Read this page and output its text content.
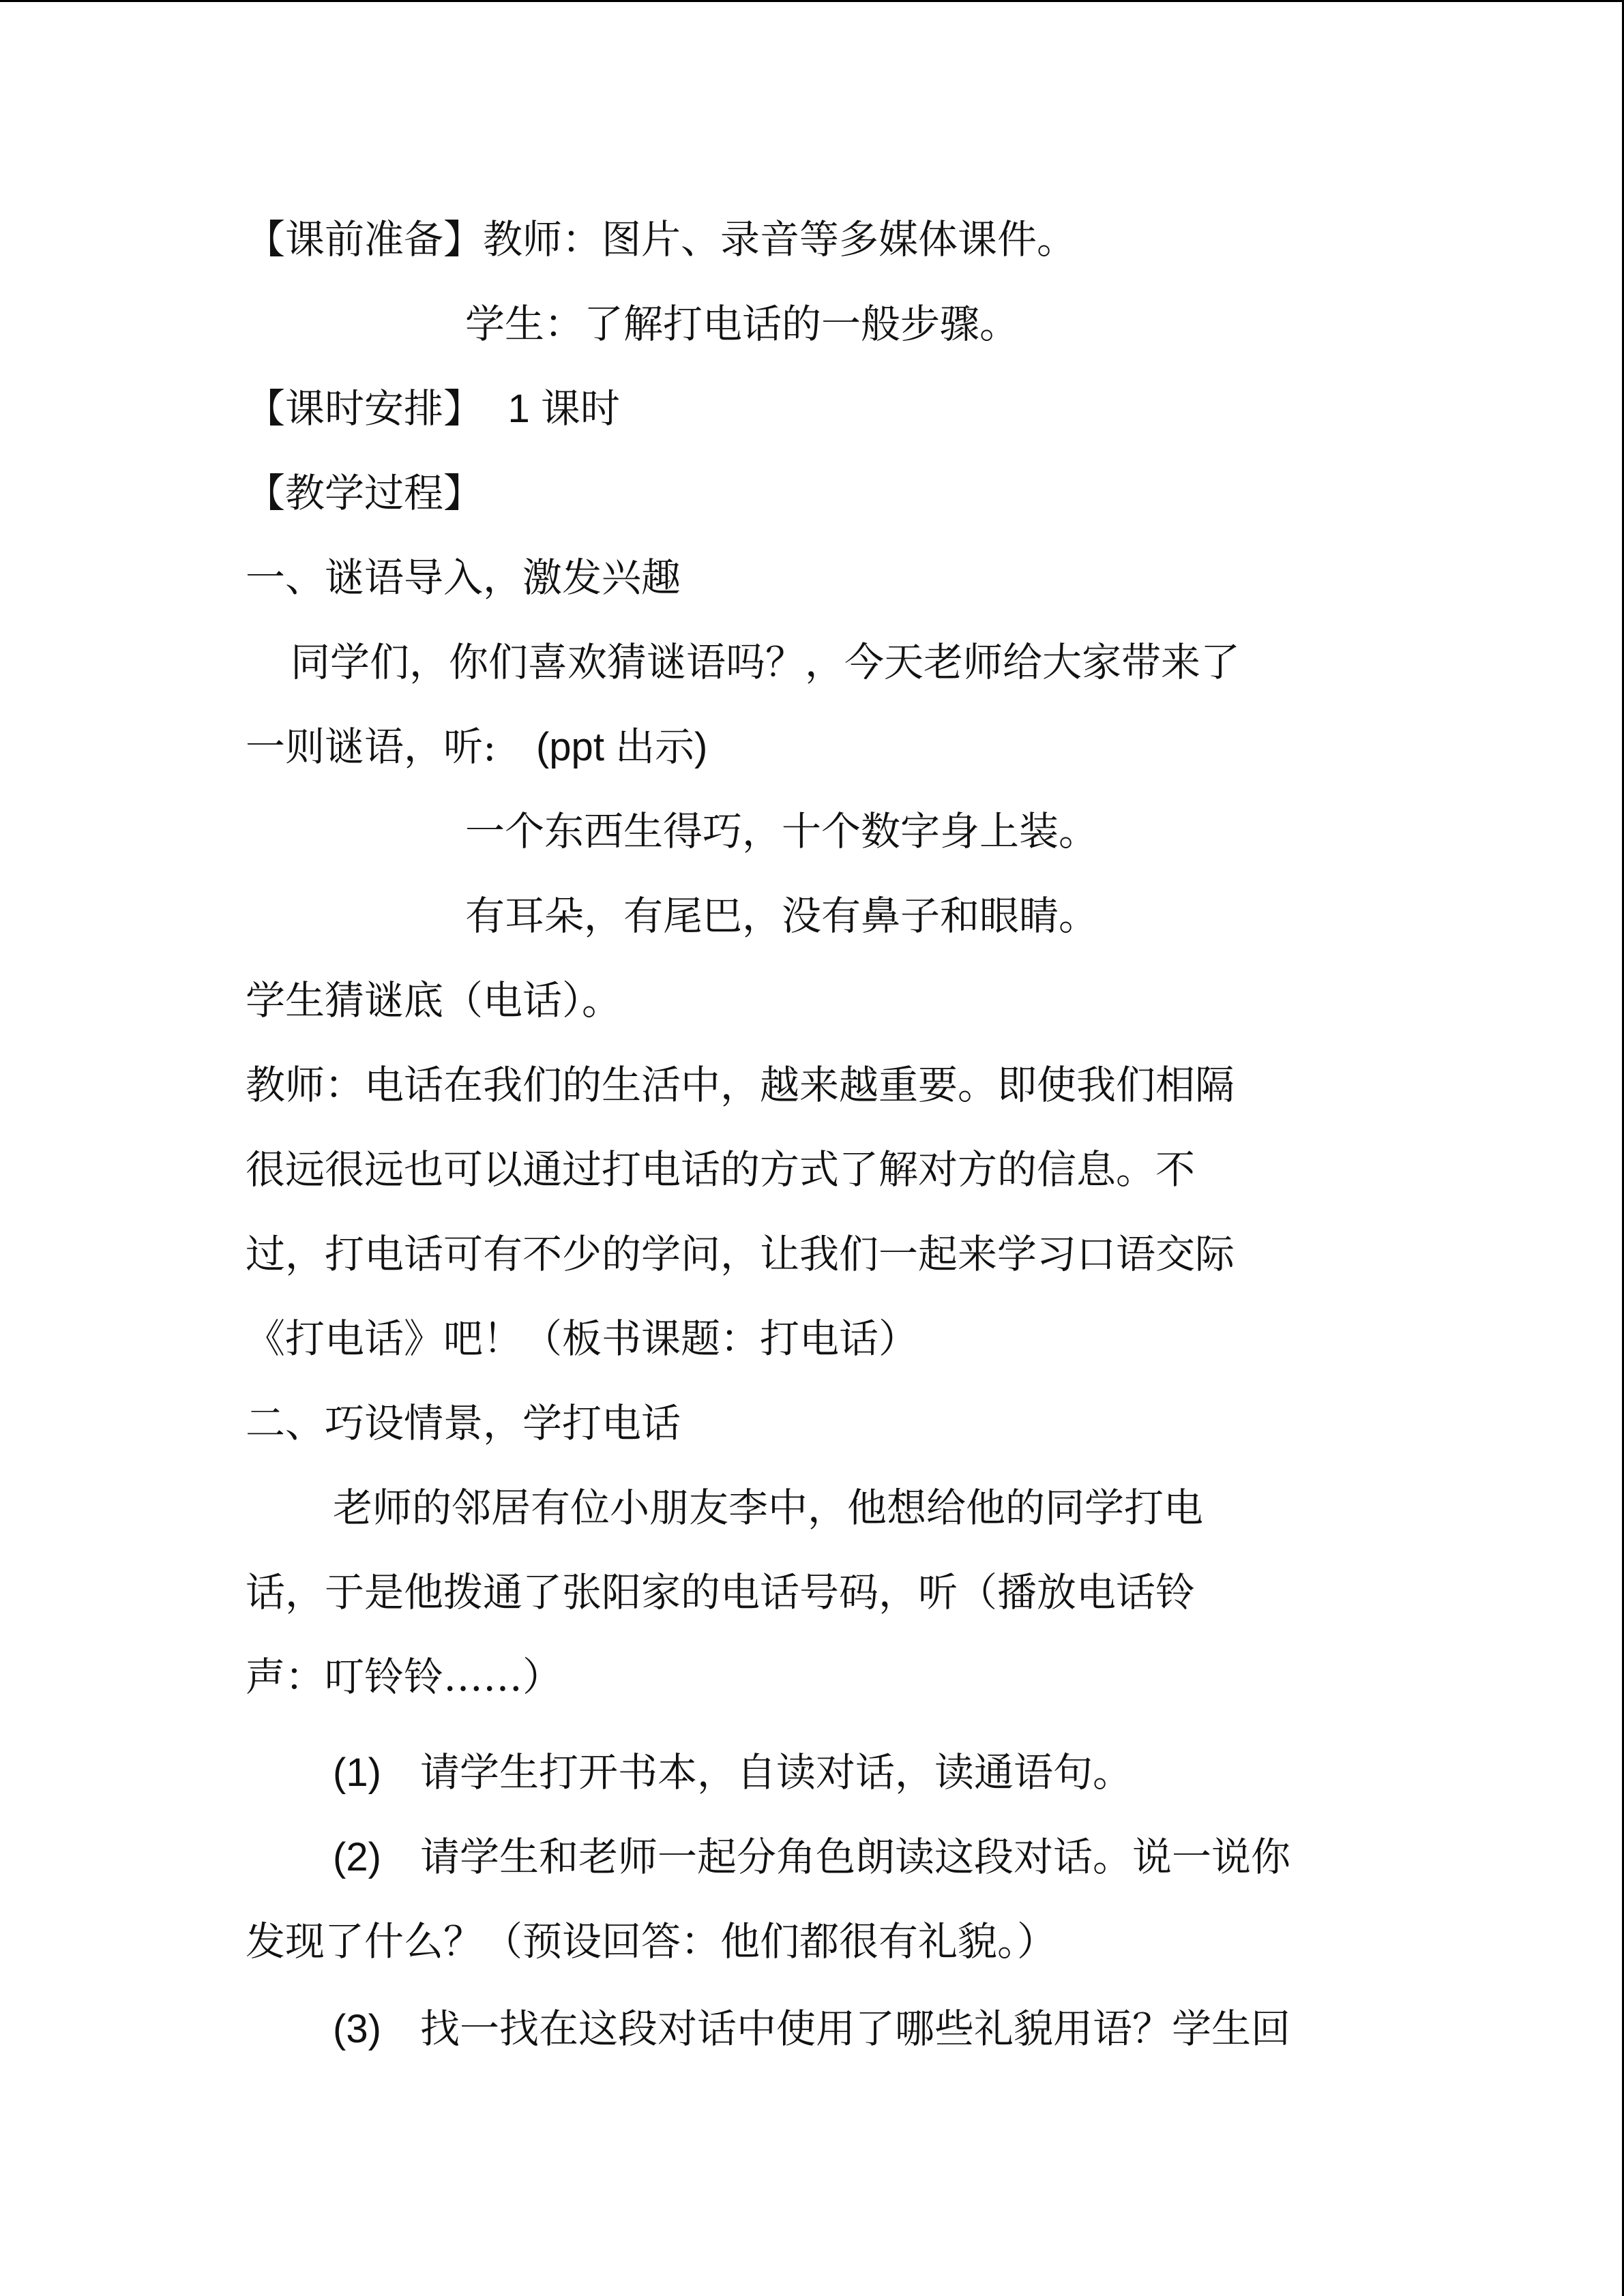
【课前准备】教师：图片、录音等多媒体课件。
学生：了解打电话的一般步骤。
【课时安排】 1 课时
【教学过程】
一、谜语导入，激发兴趣
同学们，你们喜欢猜谜语吗？，今天老师给大家带来了
一则谜语，听: (ppt 出示)
一个东西生得巧，十个数字身上装。
有耳朵，有尾巴，没有鼻子和眼睛。
学生猜谜底（电话）。
教师：电话在我们的生活中，越来越重要。即使我们相隔
很远很远也可以通过打电话的方式了解对方的信息。不
过，打电话可有不少的学问，让我们一起来学习口语交际
《打电话》吧！（板书课题：打电话）
二、巧设情景，学打电话
老师的邻居有位小朋友李中，他想给他的同学打电
话，于是他拨通了张阳家的电话号码，听（播放电话铃
声：叮铃铃……）
(1) 请学生打开书本，自读对话，读通语句。
(2) 请学生和老师一起分角色朗读这段对话。说一说你
发现了什么？（预设回答：他们都很有礼貌。）
(3) 找一找在这段对话中使用了哪些礼貌用语？学生回
